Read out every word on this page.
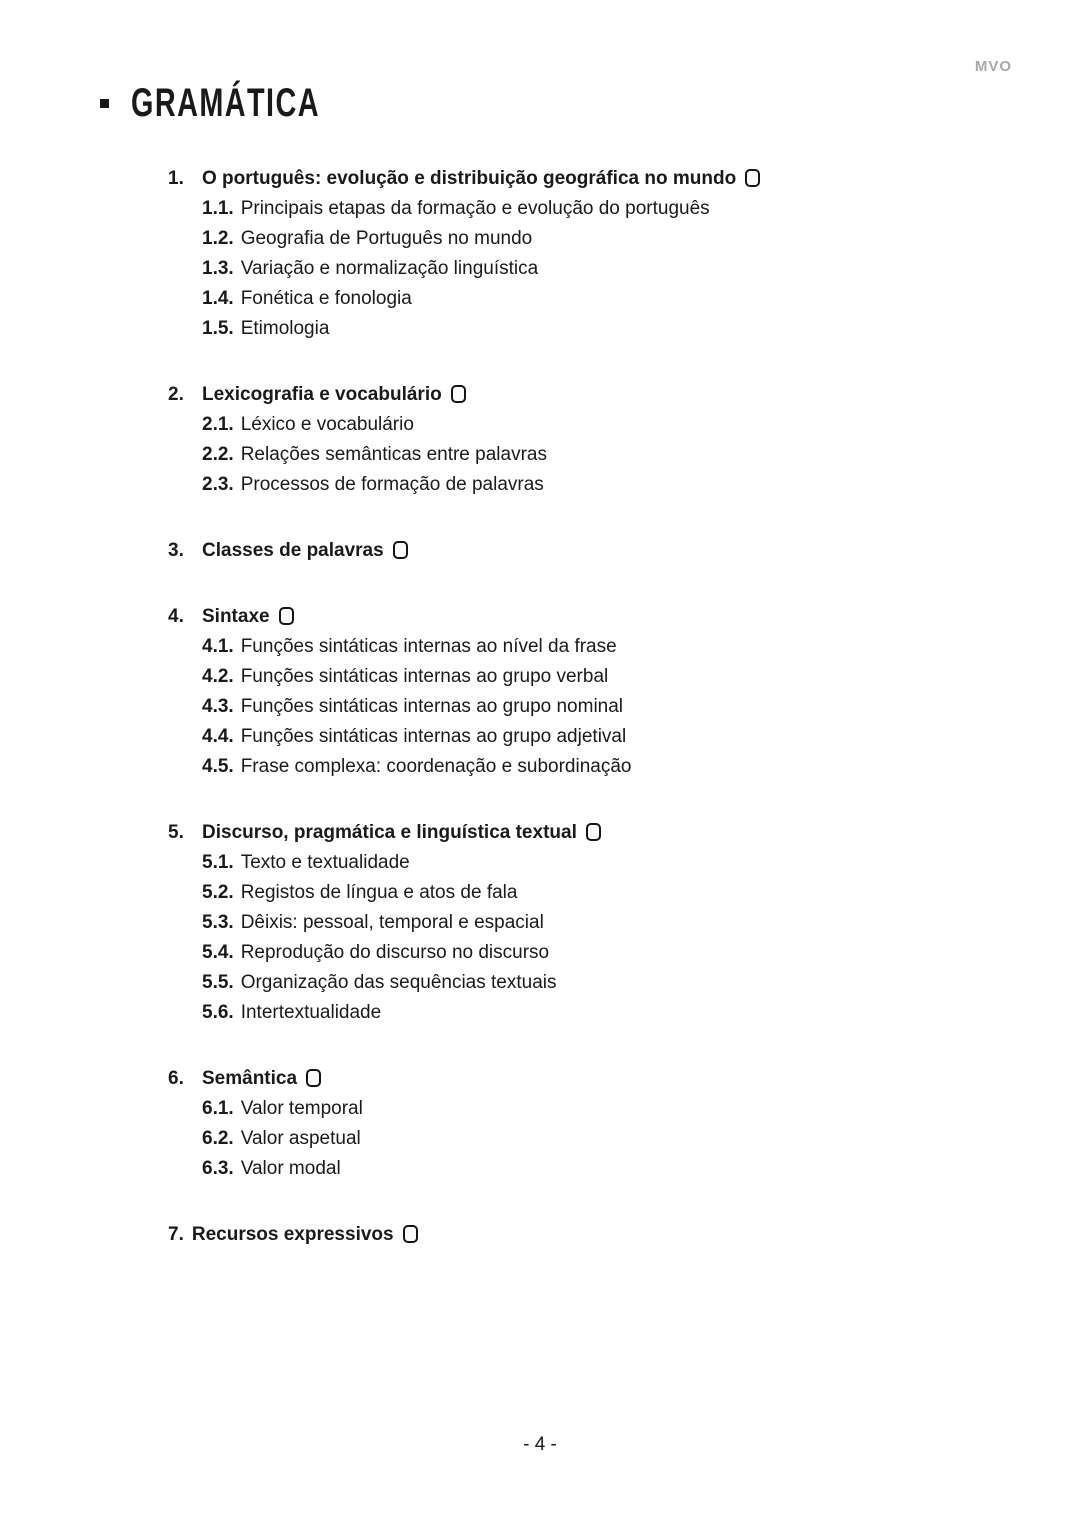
MVO
GRAMÁTICA
1. O português: evolução e distribuição geográfica no mundo
1.1. Principais etapas da formação e evolução do português
1.2. Geografia de Português no mundo
1.3. Variação e normalização linguística
1.4. Fonética e fonologia
1.5. Etimologia
2. Lexicografia e vocabulário
2.1. Léxico e vocabulário
2.2. Relações semânticas entre palavras
2.3. Processos de formação de palavras
3. Classes de palavras
4. Sintaxe
4.1. Funções sintáticas internas ao nível da frase
4.2. Funções sintáticas internas ao grupo verbal
4.3. Funções sintáticas internas ao grupo nominal
4.4. Funções sintáticas internas ao grupo adjetival
4.5. Frase complexa: coordenação e subordinação
5. Discurso, pragmática e linguística textual
5.1. Texto e textualidade
5.2. Registos de língua e atos de fala
5.3. Dêixis: pessoal, temporal e espacial
5.4. Reprodução do discurso no discurso
5.5. Organização das sequências textuais
5.6. Intertextualidade
6. Semântica
6.1. Valor temporal
6.2. Valor aspetual
6.3. Valor modal
7. Recursos expressivos
- 4 -
